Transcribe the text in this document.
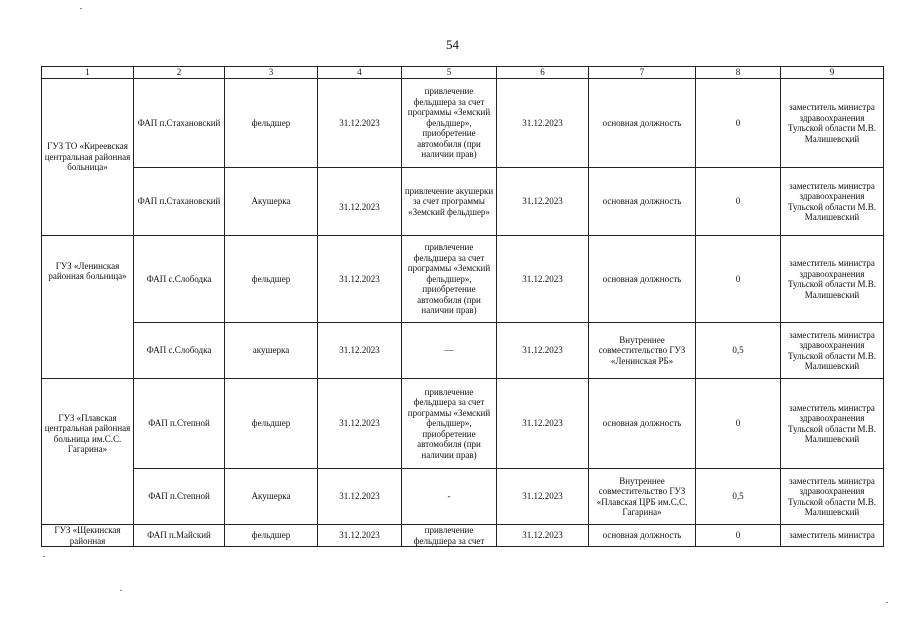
54
1	2	3	4	5	6	7	8	9
ГУЗ ТО «Киреевская центральная районная больница»	ФАП п.Стахановский	фельдшер	31.12.2023	привлечение фельдшера за счет программы «Земский фельдшер», приобретение автомобиля (при наличии прав)	31.12.2023	основная должность	0	заместитель министра здравоохранения Тульской области М.В. Малишевский
	ФАП п.Стахановский	Акушерка	31.12.2023	привлечение акушерки за счет программы «Земский фельдшер»	31.12.2023	основная должность	0	заместитель министра здравоохранения Тульской области М.В. Малишевский

ГУЗ «Ленинская районная больница»	ФАП с.Слободка	фельдшер	31.12.2023	привлечение фельдшера за счет программы «Земский фельдшер», приобретение автомобиля (при наличии прав)	31.12.2023	основная должность	0	заместитель министра здравоохранения Тульской области М.В. Малишевский
	ФАП с.Слободка	акушерка	31.12.2023	—	31.12.2023	Внутреннее совместительство ГУЗ «Ленинская РБ»	0,5	заместитель министра здравоохранения Тульской области М.В. Малишевский

ГУЗ «Плавская центральная районная больница им.С.С. Гагарина»	ФАП п.Степной	фельдшер	31.12.2023	привлечение фельдшера за счет программы «Земский фельдшер», приобретение автомобиля (при наличии прав)	31.12.2023	основная должность	0	заместитель министра здравоохранения Тульской области М.В. Малишевский
	ФАП п.Степной	Акушерка	31.12.2023	-	31.12.2023	Внутреннее совместительство ГУЗ «Плавская ЦРБ им.С.С. Гагарина»	0,5	заместитель министра здравоохранения Тульской области М.В. Малишевский
ГУЗ «Щекинская районная	ФАП п.Майский	фельдшер	31.12.2023	привлечение фельдшера за счет	31.12.2023	основная должность	0	заместитель министра
